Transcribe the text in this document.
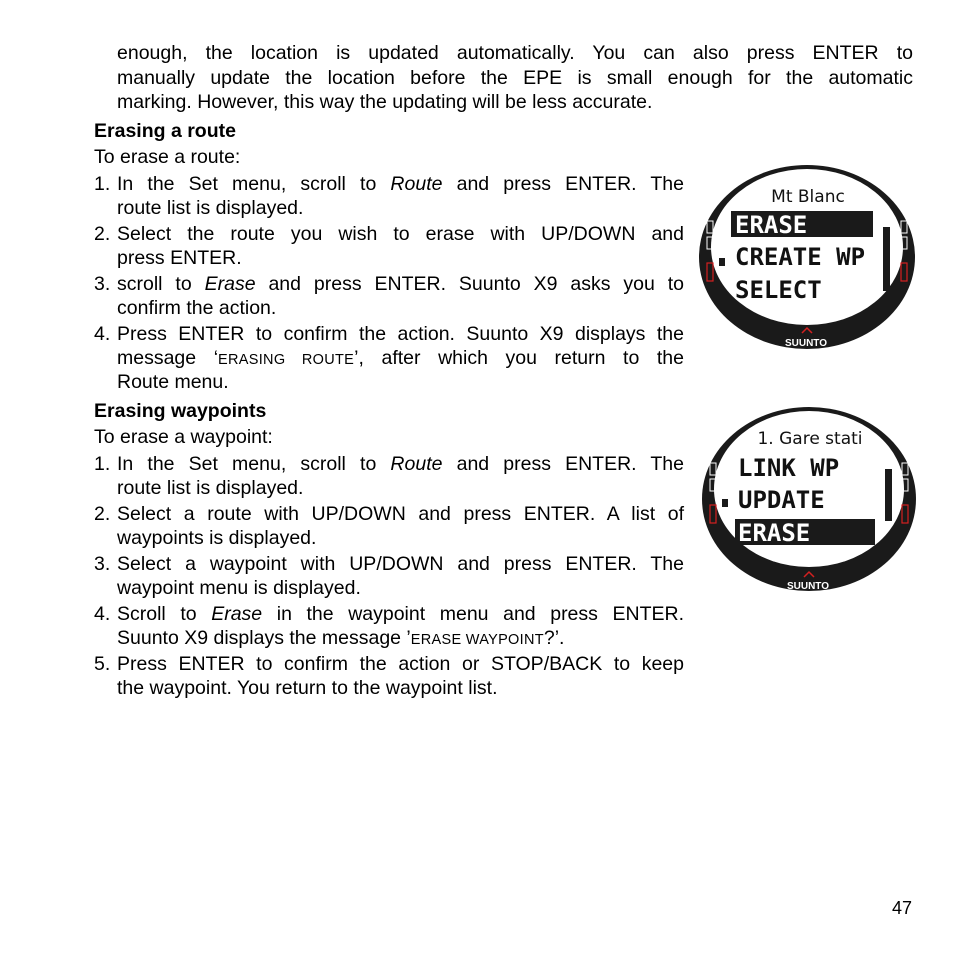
enough, the location is updated automatically. You can also press ENTER to
manually update the location before the EPE is small enough for the automatic
marking. However, this way the updating will be less accurate.
Erasing a route
To erase a route:
1. In the Set menu, scroll to Route and press ENTER. The
route list is displayed.
2. Select the route you wish to erase with UP/DOWN and
press ENTER.
3. scroll to Erase and press ENTER. Suunto X9 asks you to
confirm the action.
4. Press ENTER to confirm the action. Suunto X9 displays the
message ‘ERASING ROUTE’, after which you return to the
Route menu.
Erasing waypoints
To erase a waypoint:
1. In the Set menu, scroll to Route and press ENTER. The
route list is displayed.
2. Select a route with UP/DOWN and press ENTER. A list of
waypoints is displayed.
3. Select a waypoint with UP/DOWN and press ENTER. The
waypoint menu is displayed.
4. Scroll to Erase in the waypoint menu and press ENTER.
Suunto X9 displays the message ’ERASE WAYPOINT?’.
5. Press ENTER to confirm the action or STOP/BACK to keep
the waypoint. You return to the waypoint list.
Mt Blanc
ERASE
CREATE WP
SELECT
SUUNTO
1. Gare stati
LINK WP
UPDATE
ERASE
SUUNTO
47
